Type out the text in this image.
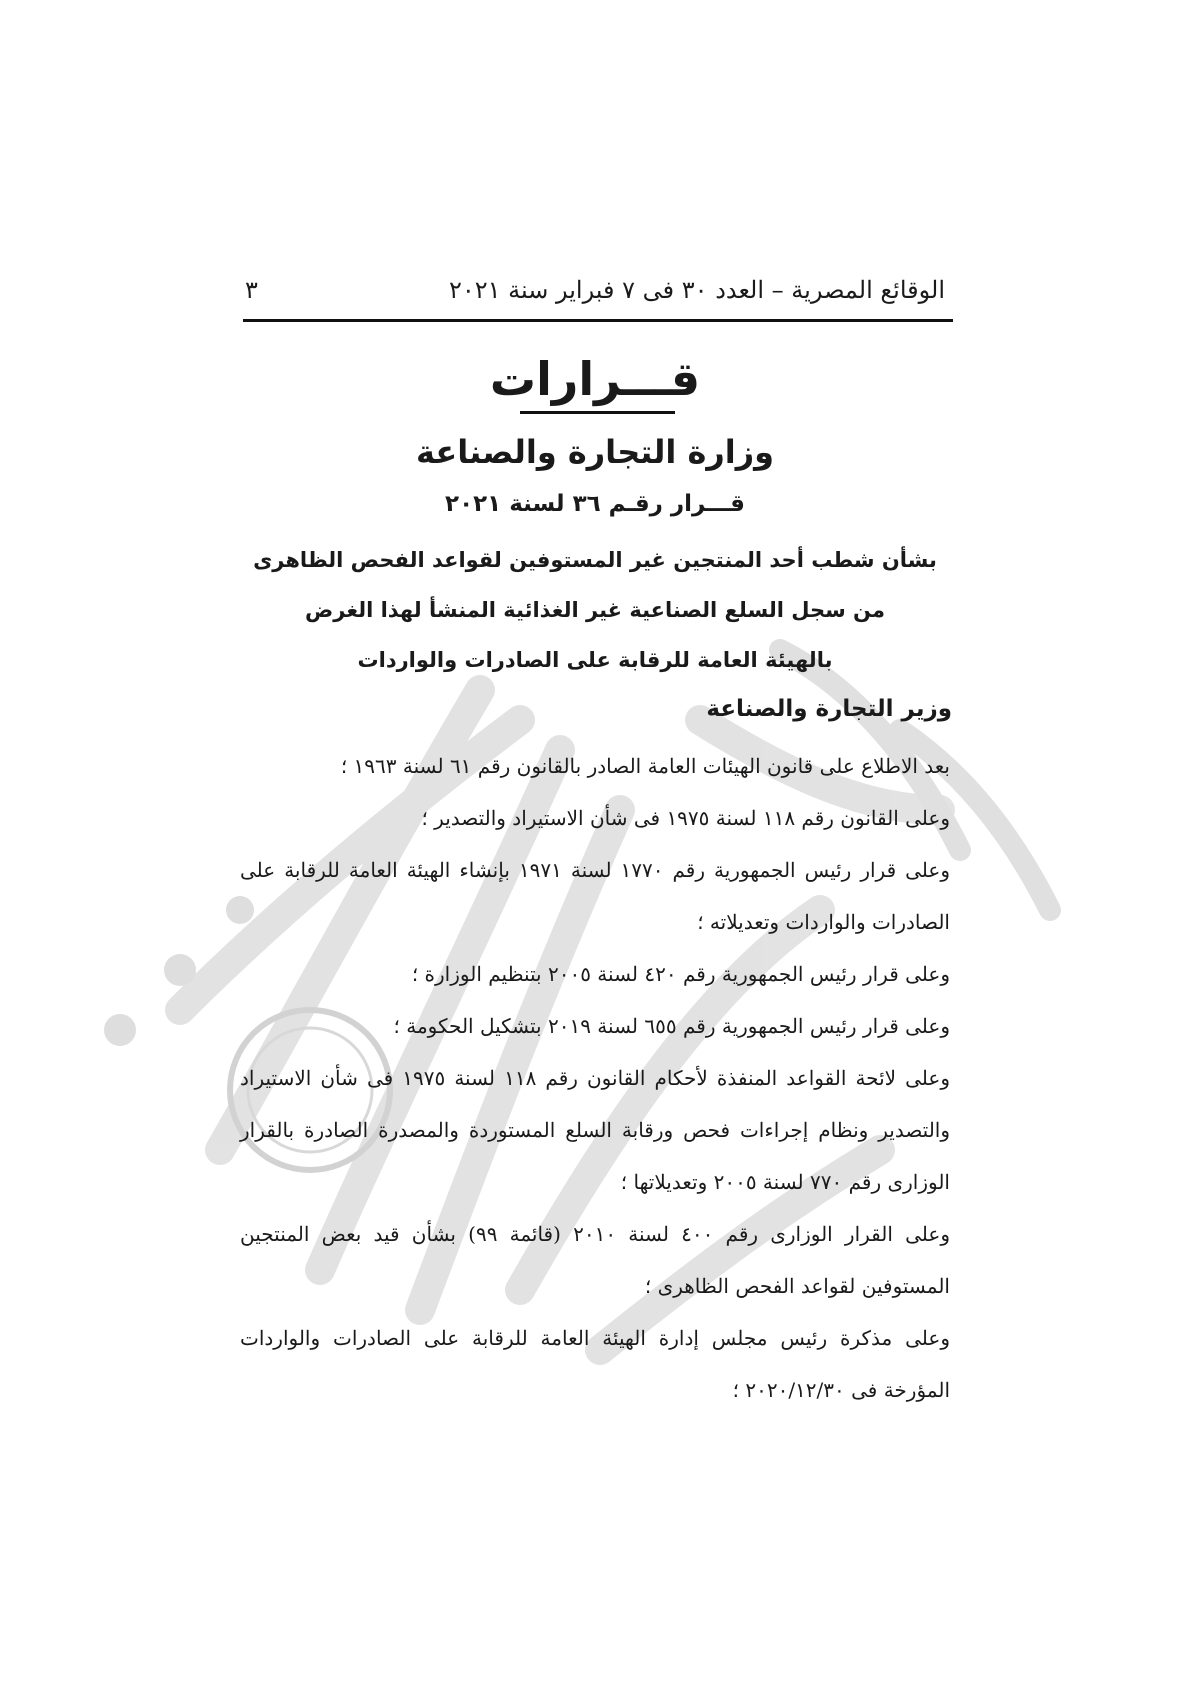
الوقائع المصرية – العدد ٣٠ فى ٧ فبراير سنة ٢٠٢١
٣
قـــرارات
وزارة التجارة والصناعة
قـــرار رقـم ٣٦ لسنة ٢٠٢١
بشأن شطب أحد المنتجين غير المستوفين لقواعد الفحص الظاهرى
من سجل السلع الصناعية غير الغذائية المنشأ لهذا الغرض
بالهيئة العامة للرقابة على الصادرات والواردات
وزير التجارة والصناعة
بعد الاطلاع على قانون الهيئات العامة الصادر بالقانون رقم ٦١ لسنة ١٩٦٣ ؛
وعلى القانون رقم ١١٨ لسنة ١٩٧٥ فى شأن الاستيراد والتصدير ؛
وعلى قرار رئيس الجمهورية رقم ١٧٧٠ لسنة ١٩٧١ بإنشاء الهيئة العامة للرقابة على الصادرات والواردات وتعديلاته ؛
وعلى قرار رئيس الجمهورية رقم ٤٢٠ لسنة ٢٠٠٥ بتنظيم الوزارة ؛
وعلى قرار رئيس الجمهورية رقم ٦٥٥ لسنة ٢٠١٩ بتشكيل الحكومة ؛
وعلى لائحة القواعد المنفذة لأحكام القانون رقم ١١٨ لسنة ١٩٧٥ فى شأن الاستيراد والتصدير ونظام إجراءات فحص ورقابة السلع المستوردة والمصدرة الصادرة بالقرار الوزارى رقم ٧٧٠ لسنة ٢٠٠٥ وتعديلاتها ؛
وعلى القرار الوزارى رقم ٤٠٠ لسنة ٢٠١٠ (قائمة ٩٩) بشأن قيد بعض المنتجين المستوفين لقواعد الفحص الظاهرى ؛
وعلى مذكرة رئيس مجلس إدارة الهيئة العامة للرقابة على الصادرات والواردات المؤرخة فى ٢٠٢٠/١٢/٣٠ ؛
